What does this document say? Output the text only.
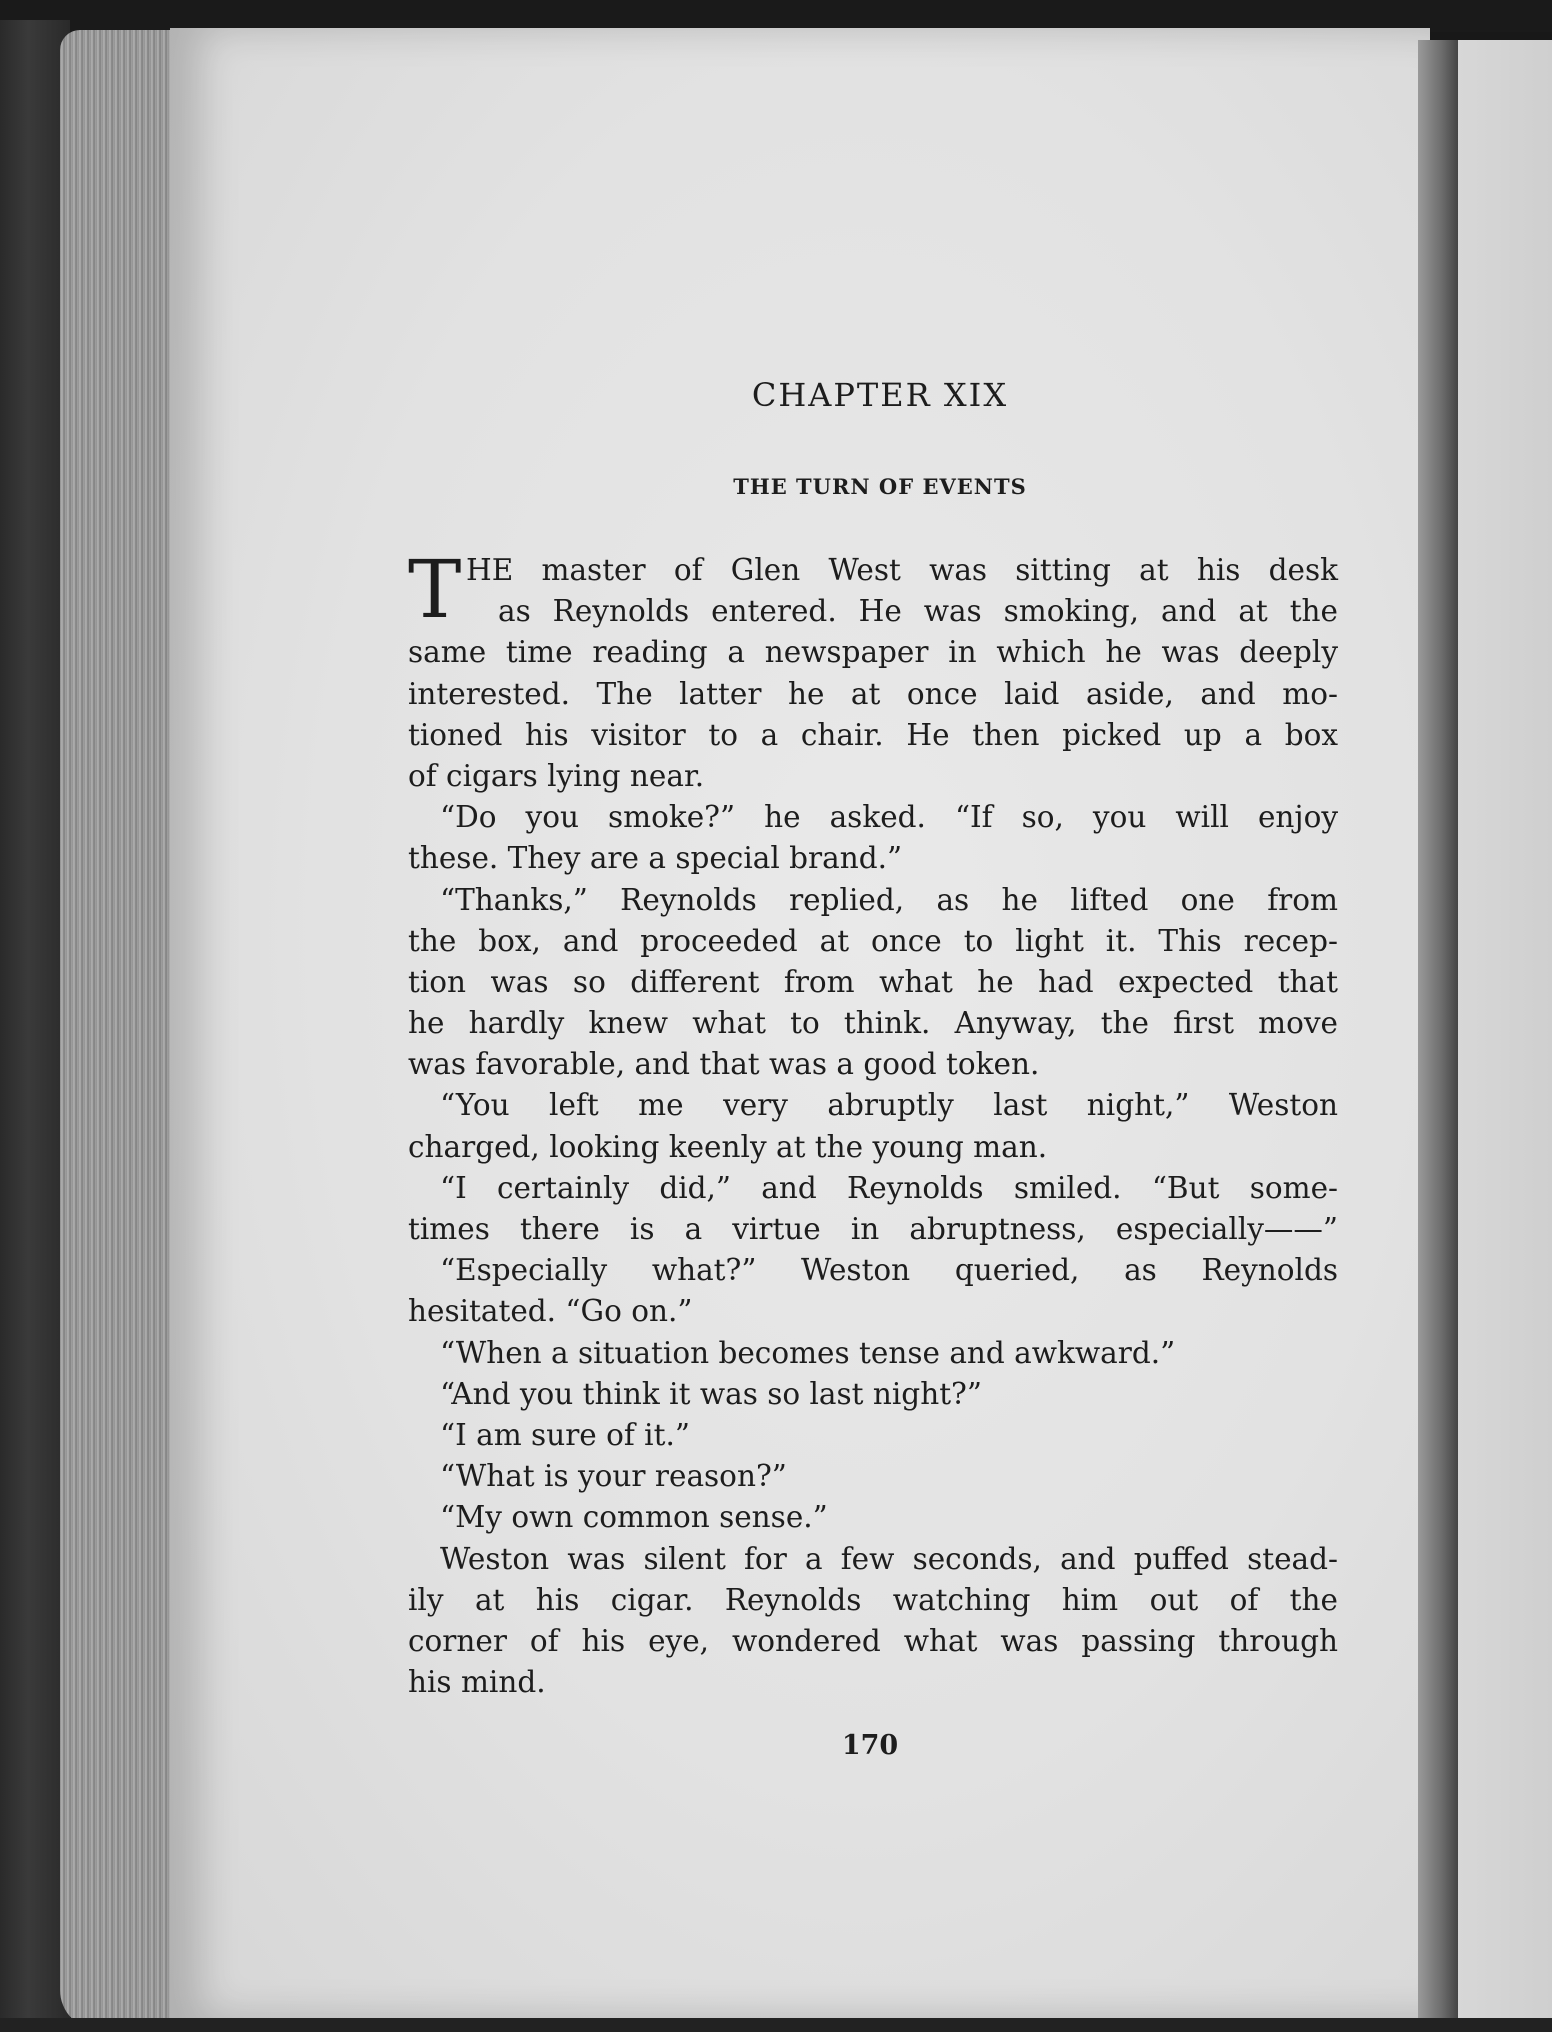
CHAPTER XIX
THE TURN OF EVENTS
T HE master of Glen West was sitting at his desk
as Reynolds entered. He was smoking, and at the
same time reading a newspaper in which he was deeply
interested. The latter he at once laid aside, and mo-
tioned his visitor to a chair. He then picked up a box
of cigars lying near.
“Do you smoke?” he asked. “If so, you will enjoy
these. They are a special brand.”
“Thanks,” Reynolds replied, as he lifted one from
the box, and proceeded at once to light it. This recep-
tion was so different from what he had expected that
he hardly knew what to think. Anyway, the first move
was favorable, and that was a good token.
“You left me very abruptly last night,” Weston
charged, looking keenly at the young man.
“I certainly did,” and Reynolds smiled. “But some-
times there is a virtue in abruptness, especially——”
“Especially what?” Weston queried, as Reynolds
hesitated. “Go on.”
“When a situation becomes tense and awkward.”
“And you think it was so last night?”
“I am sure of it.”
“What is your reason?”
“My own common sense.”
Weston was silent for a few seconds, and puffed stead-
ily at his cigar. Reynolds watching him out of the
corner of his eye, wondered what was passing through
his mind.
170
